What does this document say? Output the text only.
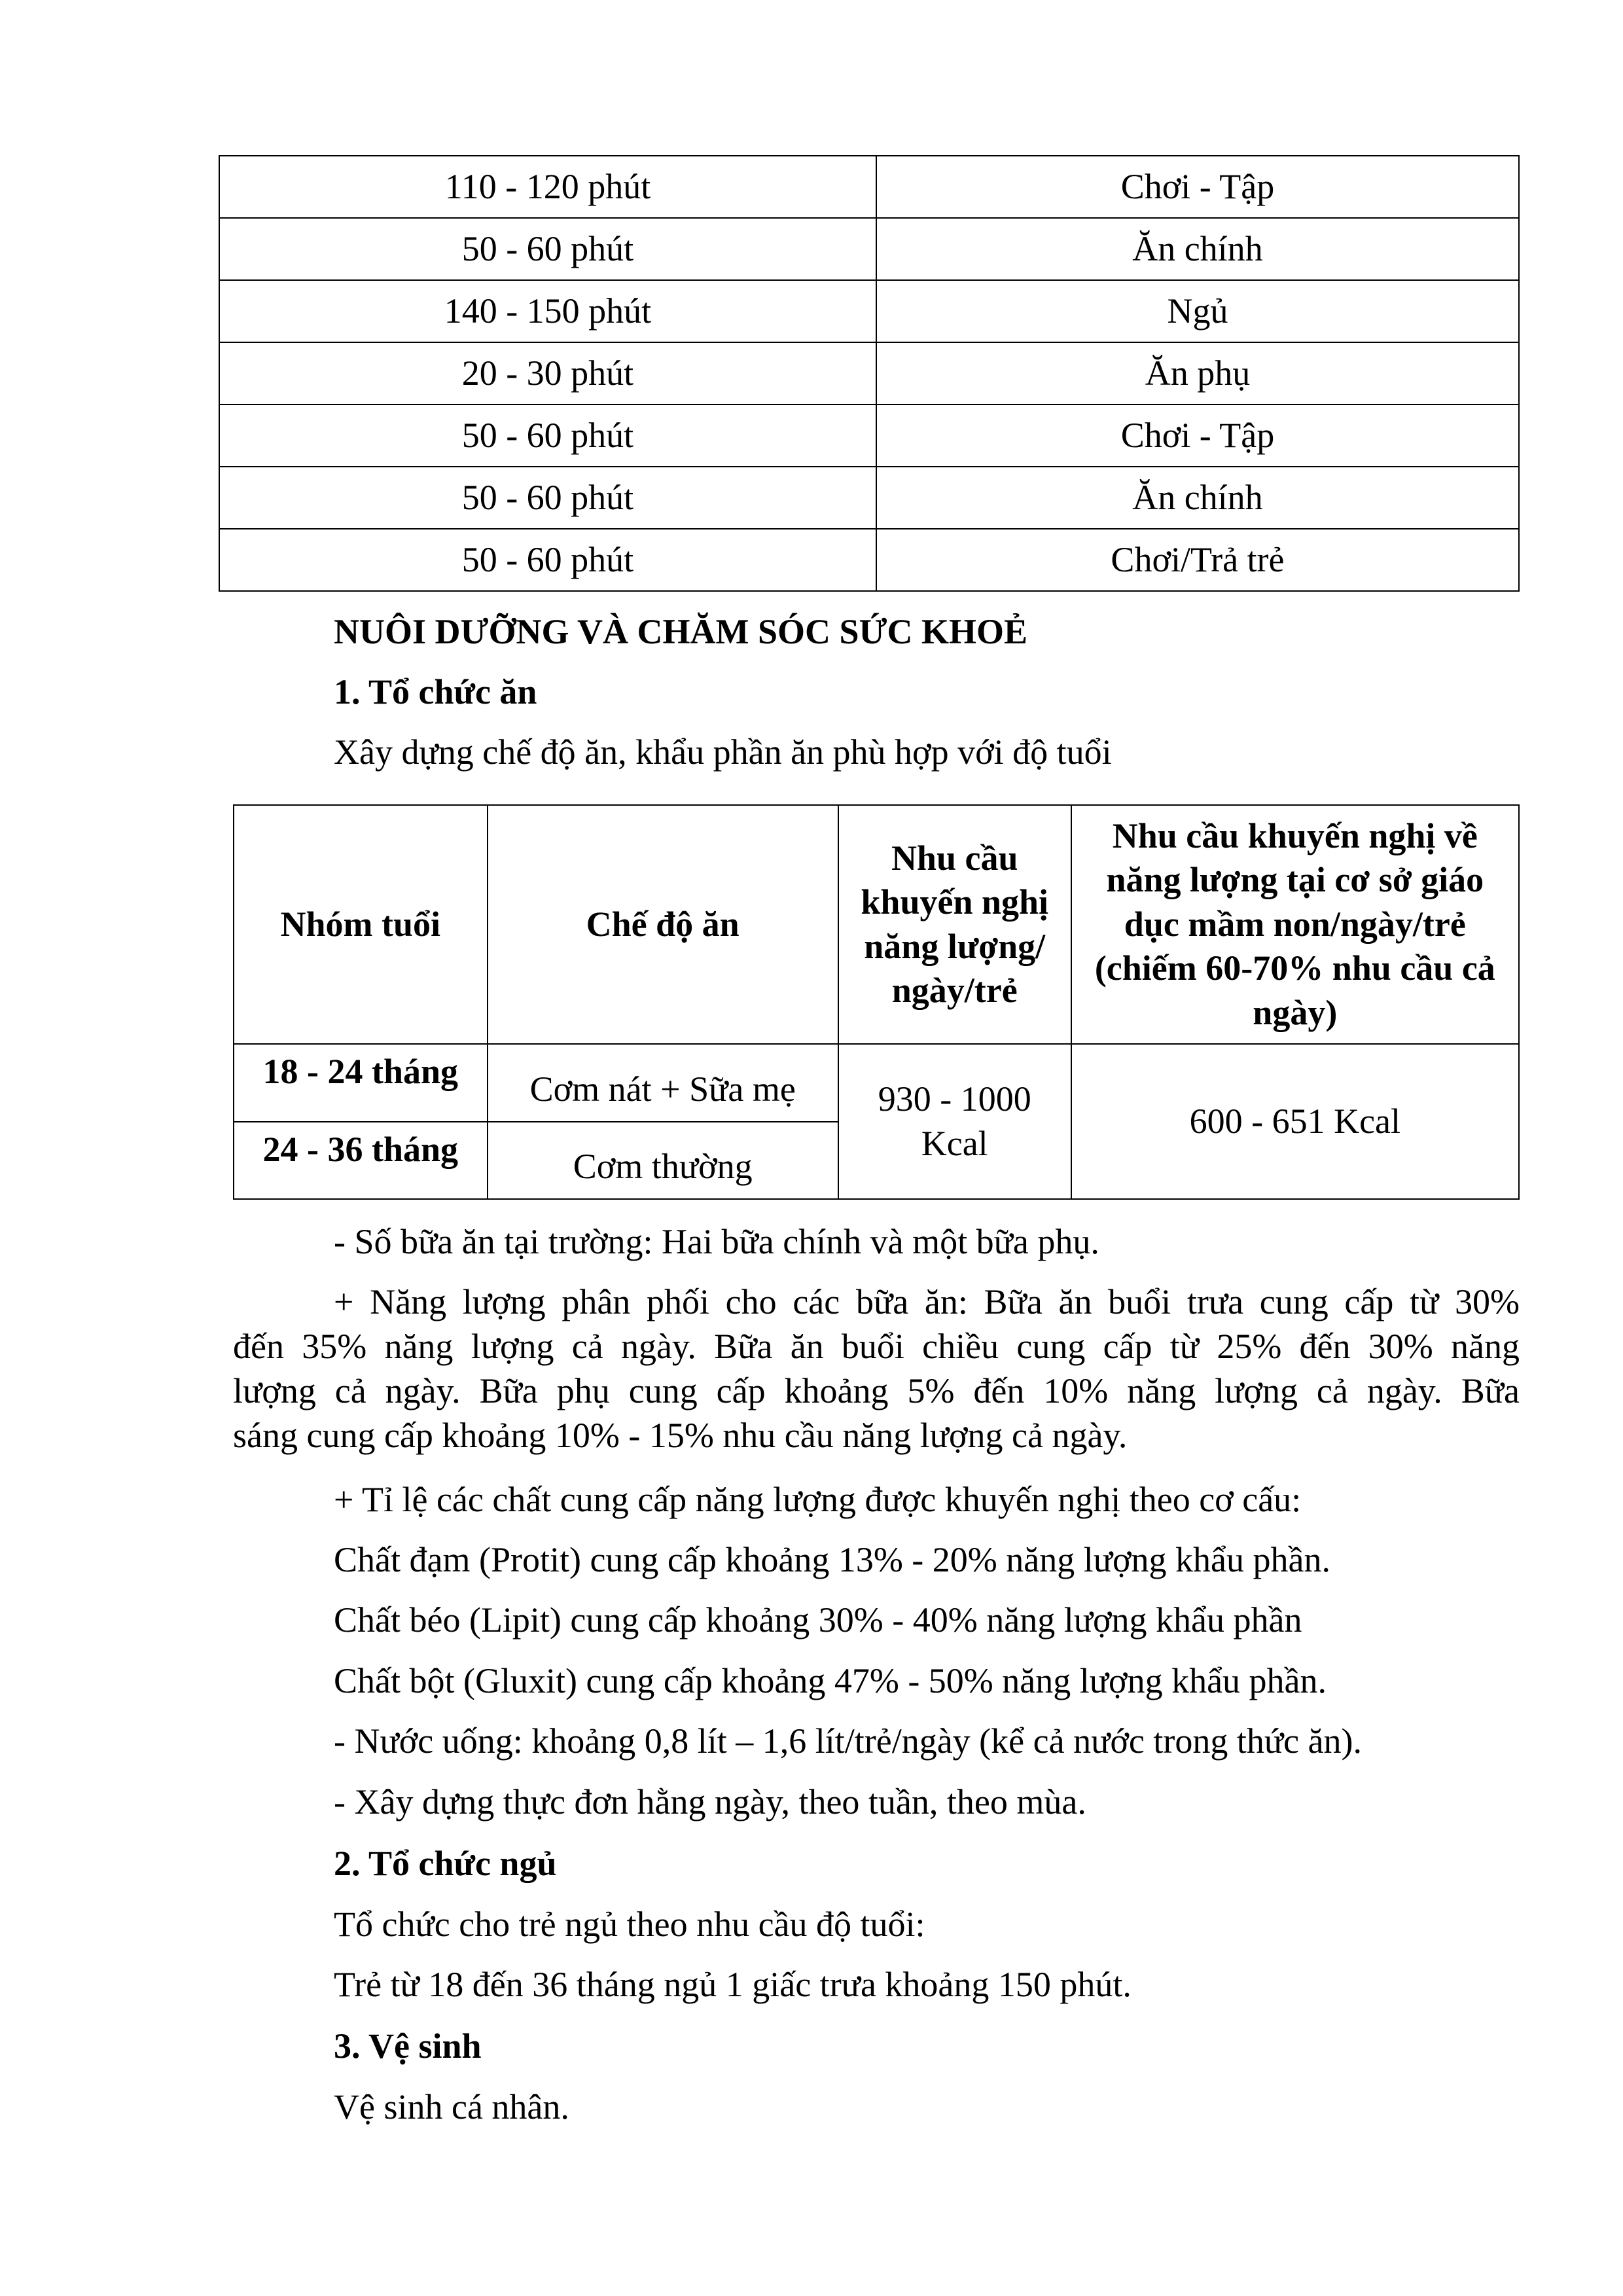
110 - 120 phút	Chơi - Tập
50 - 60 phút	Ăn chính
140 - 150 phút	Ngủ
20 - 30 phút	Ăn phụ
50 - 60 phút	Chơi - Tập
50 - 60 phút	Ăn chính
50 - 60 phút	Chơi/Trả trẻ
NUÔI DƯỠNG VÀ CHĂM SÓC SỨC KHOẺ
1. Tổ chức ăn
Xây dựng chế độ ăn, khẩu phần ăn phù hợp với độ tuổi
Nhóm tuổi	Chế độ ăn	Nhu cầu khuyến nghị năng lượng/ ngày/trẻ	Nhu cầu khuyến nghị về năng lượng tại cơ sở giáo dục mầm non/ngày/trẻ (chiếm 60-70% nhu cầu cả ngày)
18 - 24 tháng	Cơm nát + Sữa mẹ	930 - 1000 Kcal	600 - 651 Kcal
24 - 36 tháng	Cơm thường		
- Số bữa ăn tại trường: Hai bữa chính và một bữa phụ.
+ Năng lượng phân phối cho các bữa ăn: Bữa ăn buổi trưa cung cấp từ 30%
đến 35% năng lượng cả ngày. Bữa ăn buổi chiều cung cấp từ 25% đến 30% năng
lượng cả ngày. Bữa phụ cung cấp khoảng 5% đến 10% năng lượng cả ngày. Bữa
sáng cung cấp khoảng 10% - 15% nhu cầu năng lượng cả ngày.
+ Tỉ lệ các chất cung cấp năng lượng được khuyến nghị theo cơ cấu:
Chất đạm (Protit) cung cấp khoảng 13% - 20% năng lượng khẩu phần.
Chất béo (Lipit) cung cấp khoảng 30% - 40% năng lượng khẩu phần
Chất bột (Gluxit) cung cấp khoảng 47% - 50% năng lượng khẩu phần.
- Nước uống: khoảng 0,8 lít – 1,6 lít/trẻ/ngày (kể cả nước trong thức ăn).
- Xây dựng thực đơn hằng ngày, theo tuần, theo mùa.
2. Tổ chức ngủ
Tổ chức cho trẻ ngủ theo nhu cầu độ tuổi:
Trẻ từ 18 đến 36 tháng ngủ 1 giấc trưa khoảng 150 phút.
3. Vệ sinh
Vệ sinh cá nhân.
